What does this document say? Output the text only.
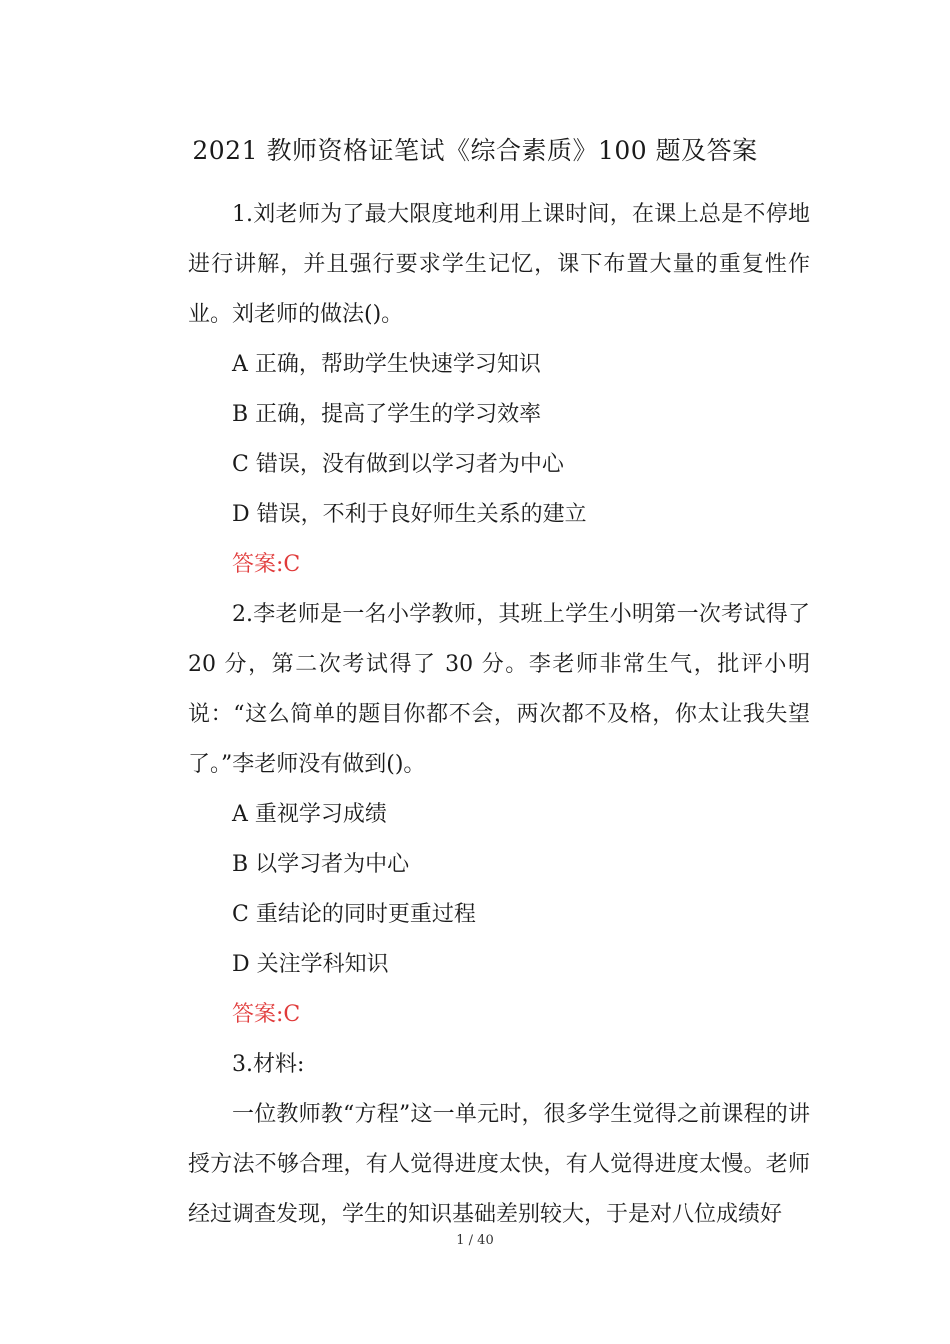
2021 教师资格证笔试《综合素质》100 题及答案

1.刘老师为了最大限度地利用上课时间，在课上总是不停地进行讲解，并且强行要求学生记忆，课下布置大量的重复性作业。刘老师的做法()。

A 正确，帮助学生快速学习知识

B 正确，提高了学生的学习效率

C 错误，没有做到以学习者为中心

D 错误，不利于良好师生关系的建立

答案:C

2.李老师是一名小学教师，其班上学生小明第一次考试得了 20 分，第二次考试得了 30 分。李老师非常生气，批评小明说：“这么简单的题目你都不会，两次都不及格，你太让我失望了。”李老师没有做到()。

A 重视学习成绩

B 以学习者为中心

C 重结论的同时更重过程

D 关注学科知识

答案:C

3.材料:

一位教师教“方程”这一单元时，很多学生觉得之前课程的讲授方法不够合理，有人觉得进度太快，有人觉得进度太慢。老师经过调查发现，学生的知识基础差别较大，于是对八位成绩好

1 / 40
